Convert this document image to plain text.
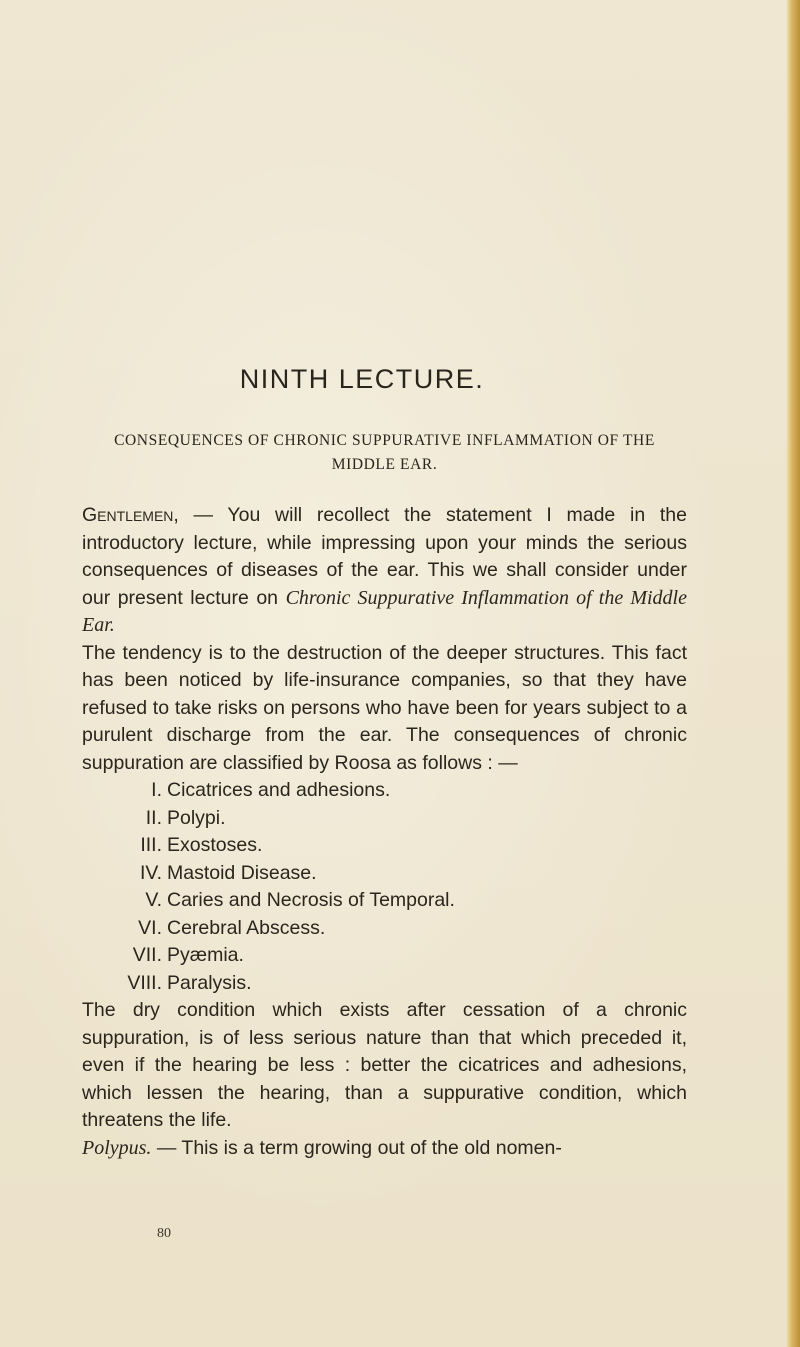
NINTH LECTURE.
CONSEQUENCES OF CHRONIC SUPPURATIVE INFLAMMATION OF THE MIDDLE EAR.

Gentlemen, — You will recollect the statement I made in the introductory lecture, while impressing upon your minds the serious consequences of diseases of the ear. This we shall consider under our present lecture on Chronic Suppurative Inflammation of the Middle Ear.

The tendency is to the destruction of the deeper structures. This fact has been noticed by life-insurance companies, so that they have refused to take risks on persons who have been for years subject to a purulent discharge from the ear. The consequences of chronic suppuration are classified by Roosa as follows : —

I. Cicatrices and adhesions.
II. Polypi.
III. Exostoses.
IV. Mastoid Disease.
V. Caries and Necrosis of Temporal.
VI. Cerebral Abscess.
VII. Pyæmia.
VIII. Paralysis.

The dry condition which exists after cessation of a chronic suppuration, is of less serious nature than that which preceded it, even if the hearing be less : better the cicatrices and adhesions, which lessen the hearing, than a suppurative condition, which threatens the life.

Polypus. — This is a term growing out of the old nomen-

80
